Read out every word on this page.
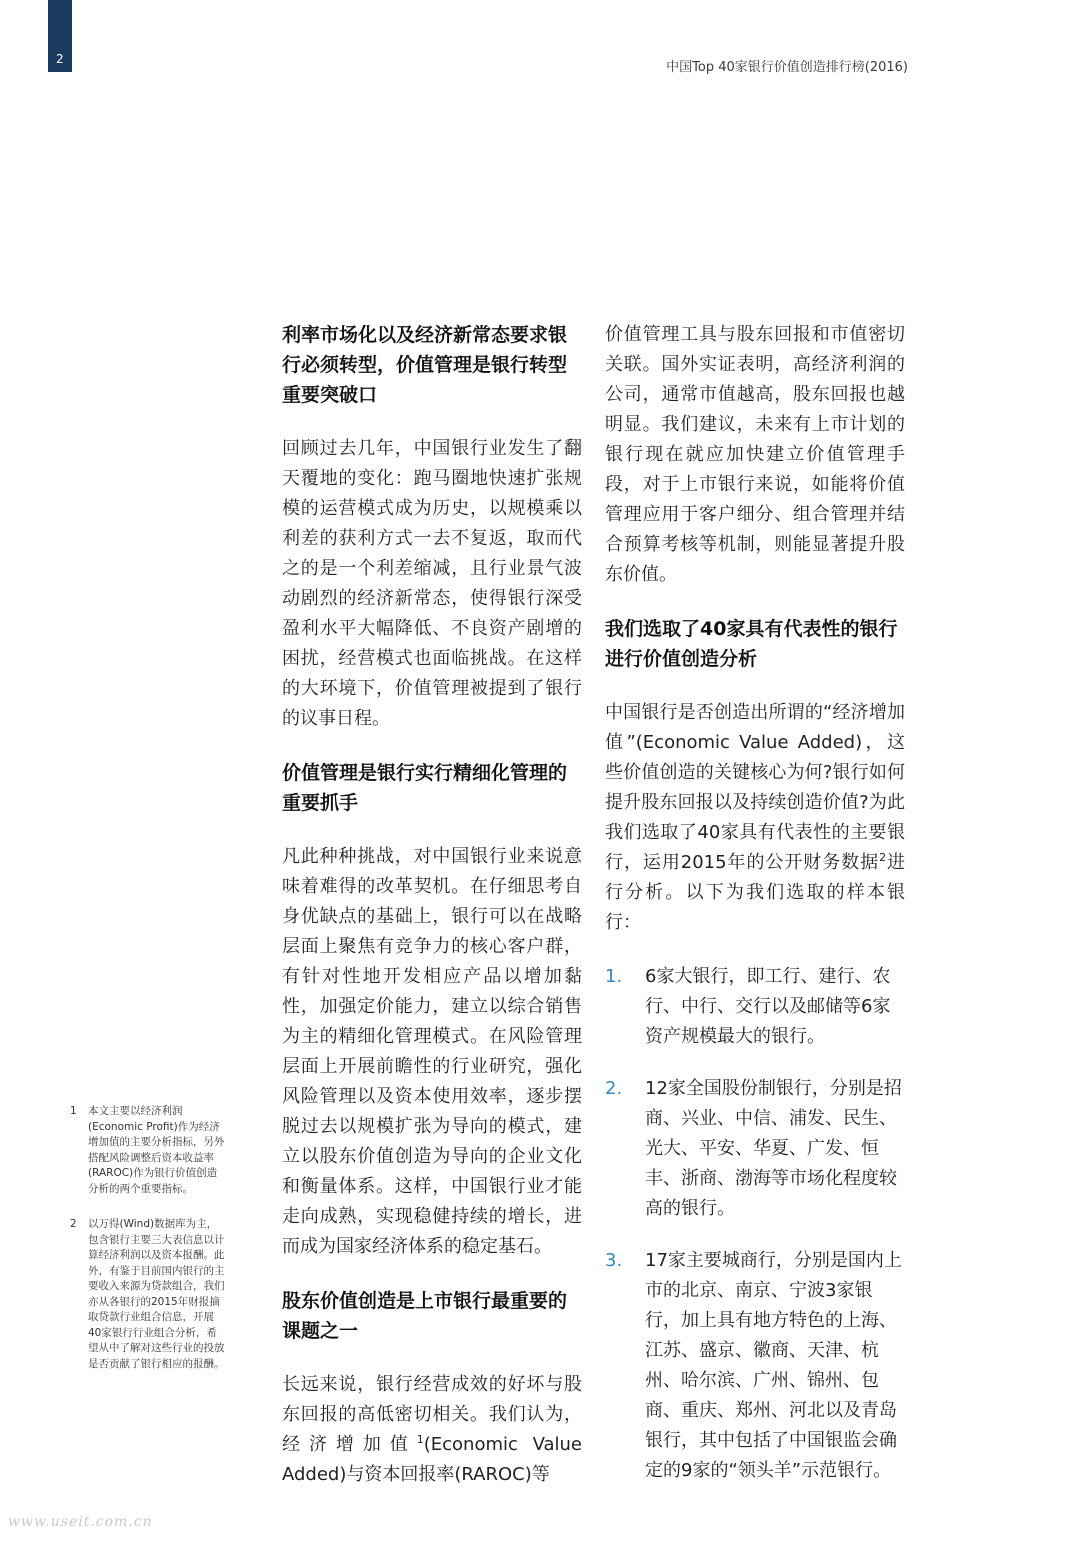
2
中国Top 40家银行价值创造排行榜(2016)
利率市场化以及经济新常态要求银行必须转型，价值管理是银行转型重要突破口

回顾过去几年，中国银行业发生了翻天覆地的变化：跑马圈地快速扩张规模的运营模式成为历史，以规模乘以利差的获利方式一去不复返，取而代之的是一个利差缩减，且行业景气波动剧烈的经济新常态，使得银行深受盈利水平大幅降低、不良资产剧增的困扰，经营模式也面临挑战。在这样的大环境下，价值管理被提到了银行的议事日程。

价值管理是银行实行精细化管理的重要抓手

凡此种种挑战，对中国银行业来说意味着难得的改革契机。在仔细思考自身优缺点的基础上，银行可以在战略层面上聚焦有竞争力的核心客户群，有针对性地开发相应产品以增加黏性，加强定价能力，建立以综合销售为主的精细化管理模式。在风险管理层面上开展前瞻性的行业研究，强化风险管理以及资本使用效率，逐步摆脱过去以规模扩张为导向的模式，建立以股东价值创造为导向的企业文化和衡量体系。这样，中国银行业才能走向成熟，实现稳健持续的增长，进而成为国家经济体系的稳定基石。

股东价值创造是上市银行最重要的课题之一

长远来说，银行经营成效的好坏与股东回报的高低密切相关。我们认为，经济增加值$^1$(Economic Value Added)与资本回报率(RAROC)等

价值管理工具与股东回报和市值密切关联。国外实证表明，高经济利润的公司，通常市值越高，股东回报也越明显。我们建议，未来有上市计划的银行现在就应加快建立价值管理手段，对于上市银行来说，如能将价值管理应用于客户细分、组合管理并结合预算考核等机制，则能显著提升股东价值。

我们选取了40家具有代表性的银行进行价值创造分析

中国银行是否创造出所谓的“经济增加值”(Economic Value Added)，这些价值创造的关键核心为何?银行如何提升股东回报以及持续创造价值?为此我们选取了40家具有代表性的主要银行，运用2015年的公开财务数据$^2$进行分析。以下为我们选取的样本银行：

1. 6家大银行，即工行、建行、农行、中行、交行以及邮储等6家资产规模最大的银行。
2. 12家全国股份制银行，分别是招商、兴业、中信、浦发、民生、光大、平安、华夏、广发、恒丰、浙商、渤海等市场化程度较高的银行。
3. 17家主要城商行，分别是国内上市的北京、南京、宁波3家银行，加上具有地方特色的上海、江苏、盛京、徽商、天津、杭州、哈尔滨、广州、锦州、包商、重庆、郑州、河北以及青岛银行，其中包括了中国银监会确定的9家的“领头羊”示范银行。
1 本文主要以经济利润(Economic Profit)作为经济增加值的主要分析指标，另外搭配风险调整后资本收益率(RAROC)作为银行价值创造分析的两个重要指标。
2 以万得(Wind)数据库为主，包含银行主要三大表信息以计算经济利润以及资本报酬。此外，有鉴于目前国内银行的主要收入来源为贷款组合，我们亦从各银行的2015年财报摘取贷款行业组合信息，开展40家银行行业组合分析，希望从中了解对这些行业的投放是否贡献了银行相应的报酬。
www.useit.com.cn
